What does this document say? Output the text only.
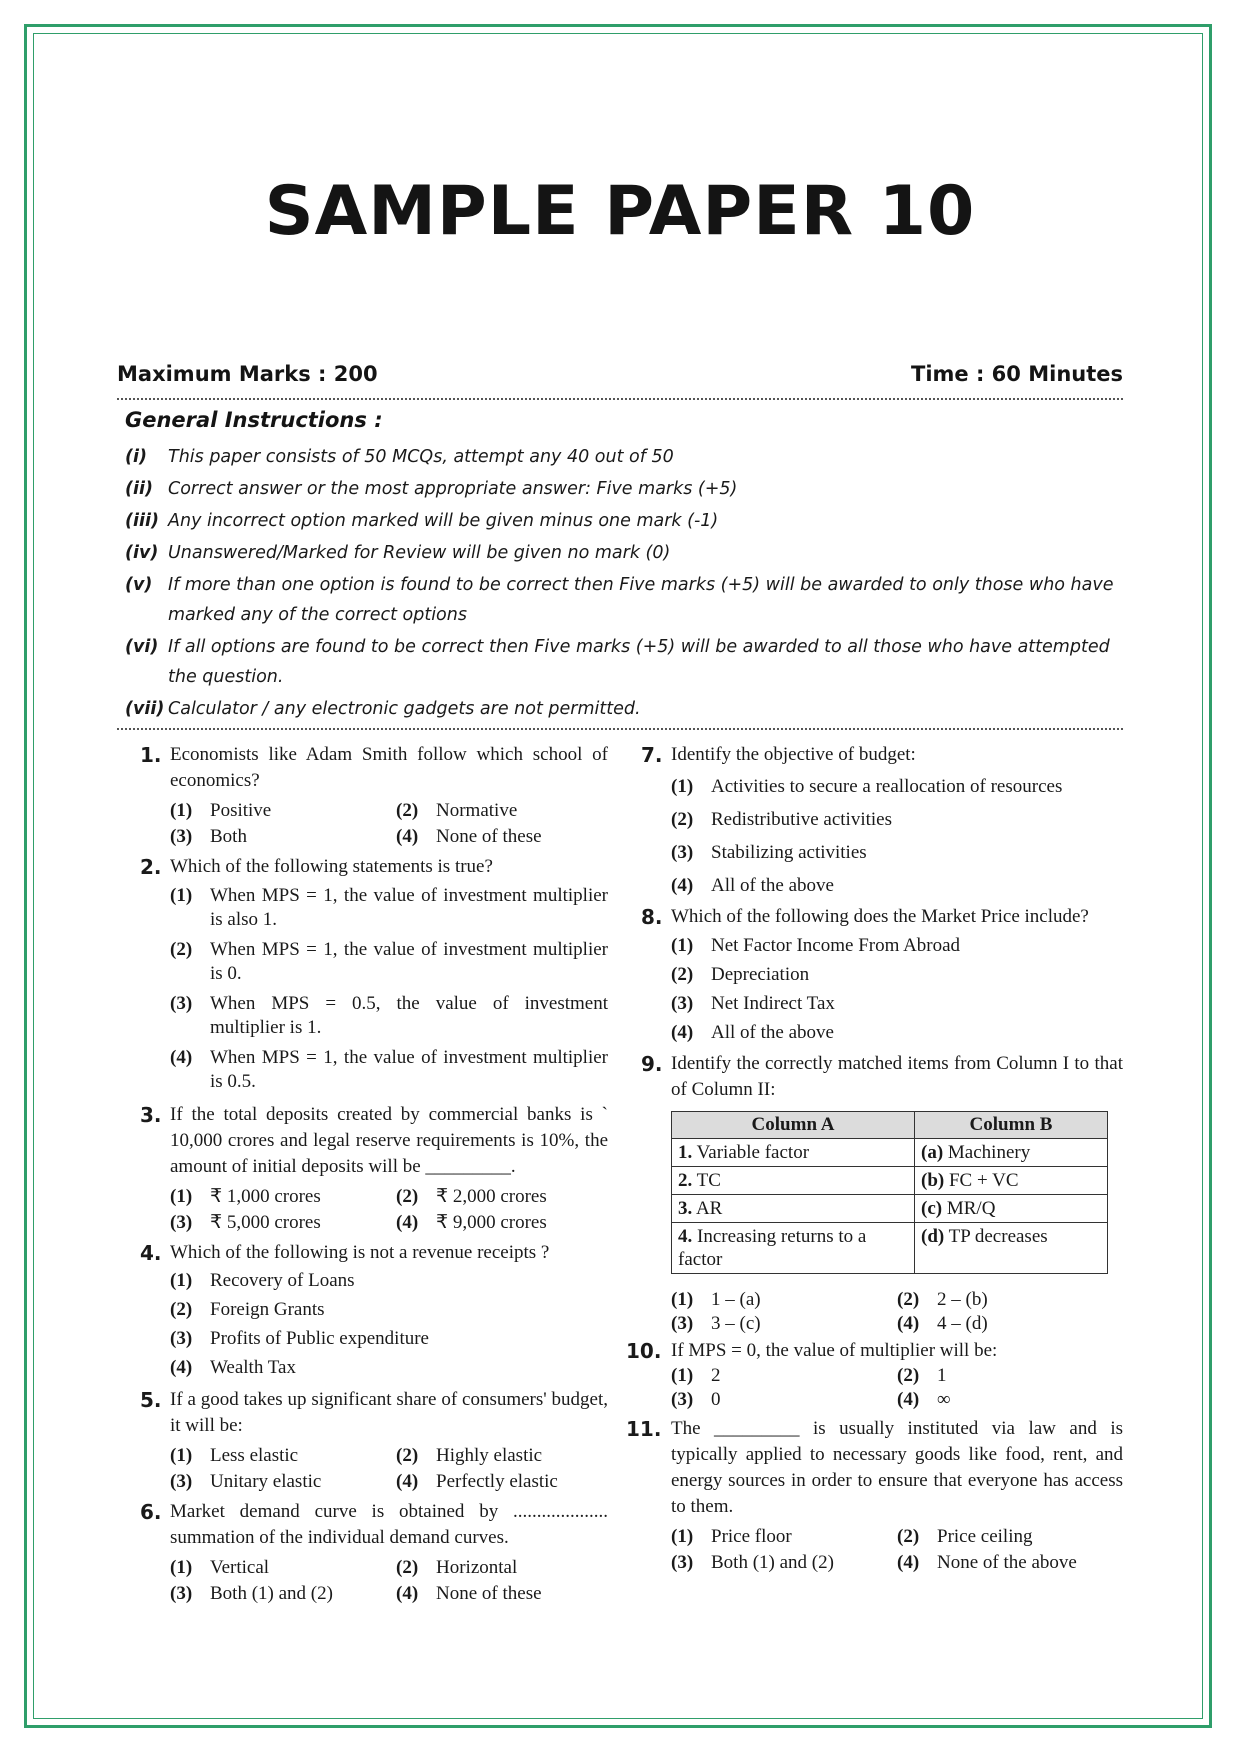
SAMPLE PAPER 10
Maximum Marks : 200	Time : 60 Minutes
General Instructions :
(i) This paper consists of 50 MCQs, attempt any 40 out of 50
(ii) Correct answer or the most appropriate answer: Five marks (+5)
(iii) Any incorrect option marked will be given minus one mark (-1)
(iv) Unanswered/Marked for Review will be given no mark (0)
(v) If more than one option is found to be correct then Five marks (+5) will be awarded to only those who have marked any of the correct options
(vi) If all options are found to be correct then Five marks (+5) will be awarded to all those who have attempted the question.
(vii) Calculator / any electronic gadgets are not permitted.
1. Economists like Adam Smith follow which school of economics?
(1) Positive	(2) Normative
(3) Both	(4) None of these
2. Which of the following statements is true?
(1) When MPS = 1, the value of investment multiplier is also 1.
(2) When MPS = 1, the value of investment multiplier is 0.
(3) When MPS = 0.5, the value of investment multiplier is 1.
(4) When MPS = 1, the value of investment multiplier is 0.5.
3. If the total deposits created by commercial banks is ` 10,000 crores and legal reserve requirements is 10%, the amount of initial deposits will be _________.
(1) ₹ 1,000 crores	(2) ₹ 2,000 crores
(3) ₹ 5,000 crores	(4) ₹ 9,000 crores
4. Which of the following is not a revenue receipts ?
(1) Recovery of Loans
(2) Foreign Grants
(3) Profits of Public expenditure
(4) Wealth Tax
5. If a good takes up significant share of consumers' budget, it will be:
(1) Less elastic	(2) Highly elastic
(3) Unitary elastic	(4) Perfectly elastic
6. Market demand curve is obtained by .................... summation of the individual demand curves.
(1) Vertical	(2) Horizontal
(3) Both (1) and (2)	(4) None of these
7. Identify the objective of budget:
(1) Activities to secure a reallocation of resources
(2) Redistributive activities
(3) Stabilizing activities
(4) All of the above
8. Which of the following does the Market Price include?
(1) Net Factor Income From Abroad
(2) Depreciation
(3) Net Indirect Tax
(4) All of the above
9. Identify the correctly matched items from Column I to that of Column II:
Column A	Column B
1. Variable factor	(a) Machinery
2. TC	(b) FC + VC
3. AR	(c) MR/Q
4. Increasing returns to a factor	(d) TP decreases
(1) 1 – (a)	(2) 2 – (b)
(3) 3 – (c)	(4) 4 – (d)
10. If MPS = 0, the value of multiplier will be:
(1) 2	(2) 1
(3) 0	(4) ∞
11. The _________ is usually instituted via law and is typically applied to necessary goods like food, rent, and energy sources in order to ensure that everyone has access to them.
(1) Price floor	(2) Price ceiling
(3) Both (1) and (2)	(4) None of the above
